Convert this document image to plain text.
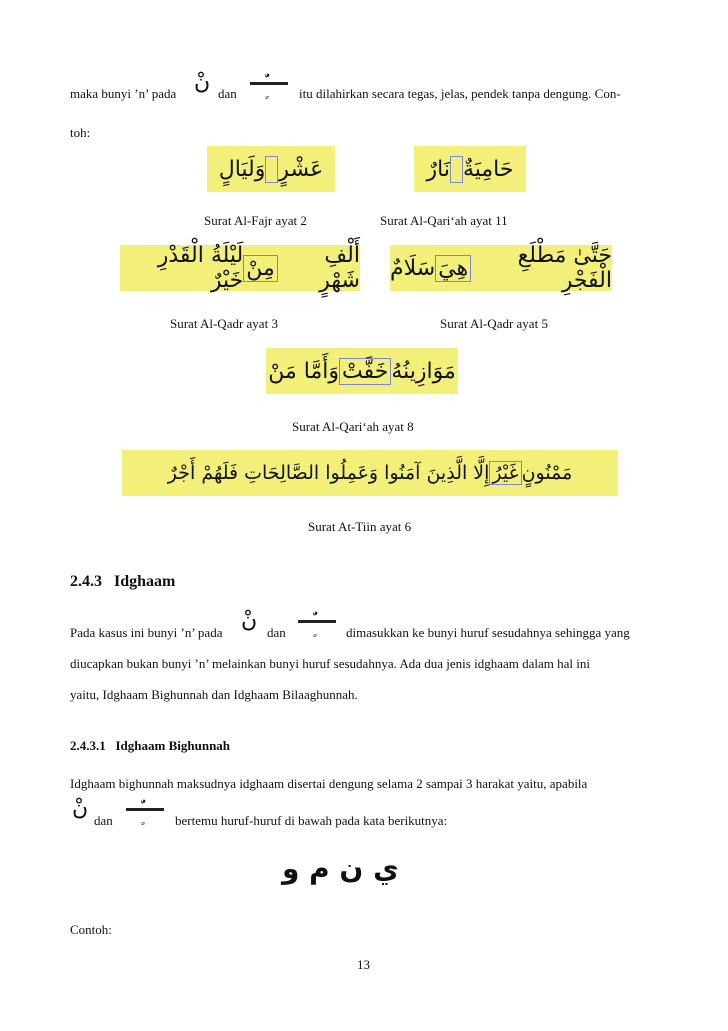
maka bunyi ’n’ pada نْ dan	itu dilahirkan secara tegas, jelas, pendek tanpa dengung. Con-
toh:
عَشْرٍ

وَلَيَالٍ
Surat Al-Fajr ayat 2
حَامِيَةٌ

نَارٌ
Surat Al-Qari‘ah ayat 11
أَلْفِ شَهْرٍ
مِنْ
لَيْلَةُ الْقَدْرِ خَيْرٌ
Surat Al-Qadr ayat 3
حَتَّىٰ مَطْلَعِ الْفَجْرِ
هِيَ
سَلَامٌ
Surat Al-Qadr ayat 5
مَوَازِينُهُ
خَفَّتْ
وَأَمَّا مَنْ
Surat Al-Qari‘ah ayat 8
مَمْنُونٍ
غَيْرُ
إِلَّا الَّذِينَ آمَنُوا وَعَمِلُوا الصَّالِحَاتِ فَلَهُمْ أَجْرٌ
Surat At-Tiin ayat 6
2.4.3 Idghaam
Pada kasus ini bunyi ’n’ pada نْ dan	dimasukkan ke bunyi huruf sesudahnya sehingga yang
diucapkan bukan bunyi ’n’ melainkan bunyi huruf sesudahnya. Ada dua jenis idghaam dalam hal ini
yaitu, Idghaam Bighunnah dan Idghaam Bilaaghunnah.
2.4.3.1 Idghaam Bighunnah
Idghaam bighunnah maksudnya idghaam disertai dengung selama 2 sampai 3 harakat yaitu, apabila
نْ dan	bertemu huruf-huruf di bawah pada kata berikutnya:
ي ن م و
Contoh:
13
